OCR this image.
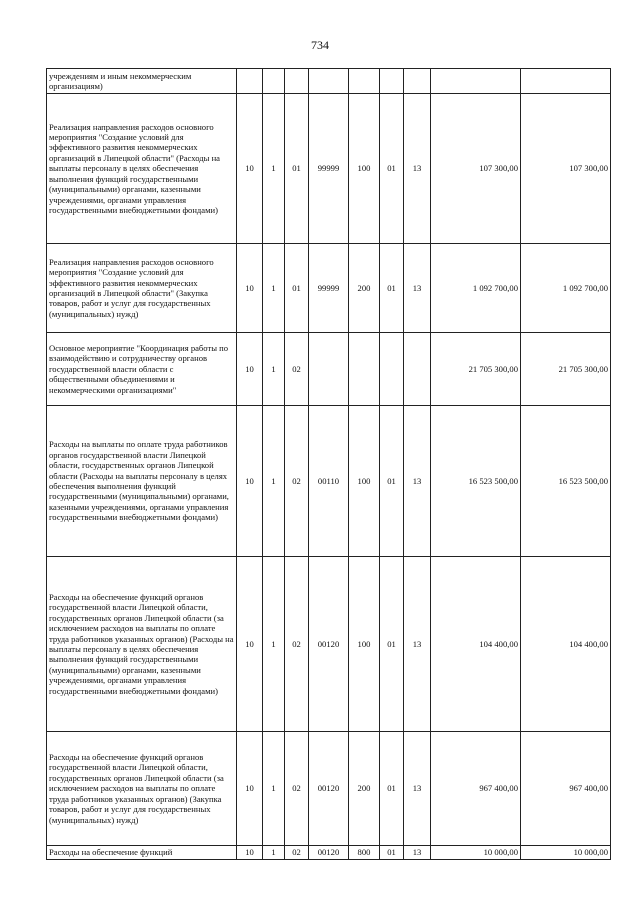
734
учреждениям и иным некоммерческим организациям)									
Реализация направления расходов основного мероприятия "Создание условий для эффективного развития некоммерческих организаций в Липецкой области" (Расходы на выплаты персоналу в целях обеспечения выполнения функций государственными (муниципальными) органами, казенными учреждениями, органами управления государственными внебюджетными фондами)	10	1	01	99999	100	01	13	107 300,00	107 300,00
Реализация направления расходов основного мероприятия "Создание условий для эффективного развития некоммерческих организаций в Липецкой области" (Закупка товаров, работ и услуг для государственных (муниципальных) нужд)	10	1	01	99999	200	01	13	1 092 700,00	1 092 700,00
Основное мероприятие "Координация работы по взаимодействию и сотрудничеству органов государственной власти области с общественными объединениями и некоммерческими организациями"	10	1	02					21 705 300,00	21 705 300,00
Расходы на выплаты по оплате труда работников органов государственной власти Липецкой области, государственных органов Липецкой области (Расходы на выплаты персоналу в целях обеспечения выполнения функций государственными (муниципальными) органами, казенными учреждениями, органами управления государственными внебюджетными фондами)	10	1	02	00110	100	01	13	16 523 500,00	16 523 500,00
Расходы на обеспечение функций органов государственной власти Липецкой области, государственных органов Липецкой области (за исключением расходов на выплаты по оплате труда работников указанных органов) (Расходы на выплаты персоналу в целях обеспечения выполнения функций государственными (муниципальными) органами, казенными учреждениями, органами управления государственными внебюджетными фондами)	10	1	02	00120	100	01	13	104 400,00	104 400,00
Расходы на обеспечение функций органов государственной власти Липецкой области, государственных органов Липецкой области (за исключением расходов на выплаты по оплате труда работников указанных органов) (Закупка товаров, работ и услуг для государственных (муниципальных) нужд)	10	1	02	00120	200	01	13	967 400,00	967 400,00
Расходы на обеспечение функций	10	1	02	00120	800	01	13	10 000,00	10 000,00
